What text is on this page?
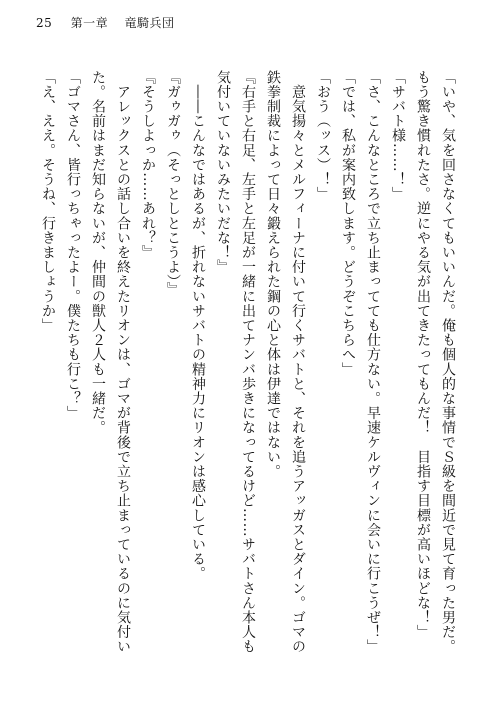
25 第一章 竜騎兵団
「いや、気を回さなくてもいいんだ。俺も個人的な事情でＳ級を間近で見て育った男だ。
もう驚き慣れたさ。逆にやる気が出てきたってもんだ！　目指す目標が高いほどな！」
「サバト様……！」
「さ、こんなところで立ち止まってても仕方ない。早速ケルヴィンに会いに行こうぜ！」
「では、私が案内致します。どうぞこちらへ」
「おう（ッス）！」
　意気揚々とメルフィーナに付いて行くサバトと、それを追うアッガスとダイン。ゴマの
鉄拳制裁によって日々鍛えられた鋼の心と体は伊達ではない。
『右手と右足、左手と左足が一緒に出てナンバ歩きになってるけど……サバトさん本人も
気付いていないみたいだな！』
　――こんなではあるが、折れないサバトの精神力にリオンは感心している。
『ガゥガゥ（そっとしとこうよ）』
『そうしよっか……あれ？』
　アレックスとの話し合いを終えたリオンは、ゴマが背後で立ち止まっているのに気付い
た。名前はまだ知らないが、仲間の獣人２人も一緒だ。
「ゴマさん、皆行っちゃったよー。僕たちも行こ？」
「え、ええ。そうね、行きましょうか」
